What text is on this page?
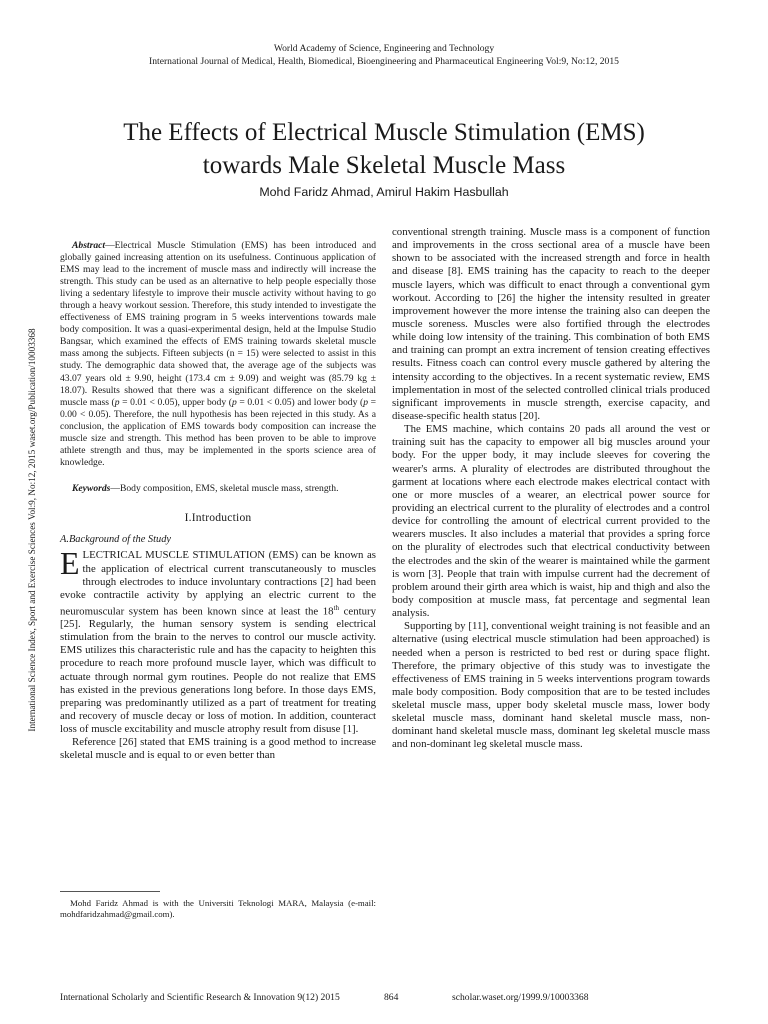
World Academy of Science, Engineering and Technology
International Journal of Medical, Health, Biomedical, Bioengineering and Pharmaceutical Engineering Vol:9, No:12, 2015
The Effects of Electrical Muscle Stimulation (EMS)
towards Male Skeletal Muscle Mass
Mohd Faridz Ahmad, Amirul Hakim Hasbullah
International Science Index, Sport and Exercise Sciences Vol:9, No:12, 2015 waset.org/Publication/10003368

Abstract—Electrical Muscle Stimulation (EMS) has been introduced and globally gained increasing attention on its usefulness. Continuous application of EMS may lead to the increment of muscle mass and indirectly will increase the strength. This study can be used as an alternative to help people especially those living a sedentary lifestyle to improve their muscle activity without having to go through a heavy workout session. Therefore, this study intended to investigate the effectiveness of EMS training program in 5 weeks interventions towards male body composition. It was a quasi-experimental design, held at the Impulse Studio Bangsar, which examined the effects of EMS training towards skeletal muscle mass among the subjects. Fifteen subjects (n = 15) were selected to assist in this study. The demographic data showed that, the average age of the subjects was 43.07 years old ± 9.90, height (173.4 cm ± 9.09) and weight was (85.79 kg ± 18.07). Results showed that there was a significant difference on the skeletal muscle mass (p = 0.01 < 0.05), upper body (p = 0.01 < 0.05) and lower body (p = 0.00 < 0.05). Therefore, the null hypothesis has been rejected in this study. As a conclusion, the application of EMS towards body composition can increase the muscle size and strength. This method has been proven to be able to improve athlete strength and thus, may be implemented in the sports science area of knowledge.

Keywords—Body composition, EMS, skeletal muscle mass, strength.

I.Introduction
A.Background of the Study

ELECTRICAL MUSCLE STIMULATION (EMS) can be known as the application of electrical current transcutaneously to muscles through electrodes to induce involuntary contractions [2] had been evoke contractile activity by applying an electric current to the neuromuscular system has been known since at least the 18th century [25]. Regularly, the human sensory system is sending electrical stimulation from the brain to the nerves to control our muscle activity. EMS utilizes this characteristic rule and has the capacity to heighten this procedure to reach more profound muscle layer, which was difficult to actuate through normal gym routines. People do not realize that EMS has existed in the previous generations long before. In those days EMS, preparing was predominantly utilized as a part of treatment for treating and recovery of muscle decay or loss of motion. In addition, counteract loss of muscle excitability and muscle atrophy result from disuse [1].

Reference [26] stated that EMS training is a good method to increase skeletal muscle and is equal to or even better than

Mohd Faridz Ahmad is with the Universiti Teknologi MARA, Malaysia (e-mail: mohdfaridzahmad@gmail.com).

conventional strength training. Muscle mass is a component of function and improvements in the cross sectional area of a muscle have been shown to be associated with the increased strength and force in health and disease [8]. EMS training has the capacity to reach to the deeper muscle layers, which was difficult to enact through a conventional gym workout. According to [26] the higher the intensity resulted in greater improvement however the more intense the training also can deepen the muscle soreness. Muscles were also fortified through the electrodes while doing low intensity of the training. This combination of both EMS and training can prompt an extra increment of tension creating effectives results. Fitness coach can control every muscle gathered by altering the intensity according to the objectives. In a recent systematic review, EMS implementation in most of the selected controlled clinical trials produced significant improvements in muscle strength, exercise capacity, and disease-specific health status [20].

The EMS machine, which contains 20 pads all around the vest or training suit has the capacity to empower all big muscles around your body. For the upper body, it may include sleeves for covering the wearer's arms. A plurality of electrodes are distributed throughout the garment at locations where each electrode makes electrical contact with one or more muscles of a wearer, an electrical power source for providing an electrical current to the plurality of electrodes and a control device for controlling the amount of electrical current provided to the wearers muscles. It also includes a material that provides a spring force on the plurality of electrodes such that electrical conductivity between the electrodes and the skin of the wearer is maintained while the garment is worn [3]. People that train with impulse current had the decrement of problem around their girth area which is waist, hip and thigh and also the body composition at muscle mass, fat percentage and segmental lean analysis.

Supporting by [11], conventional weight training is not feasible and an alternative (using electrical muscle stimulation had been approached) is needed when a person is restricted to bed rest or during space flight. Therefore, the primary objective of this study was to investigate the effectiveness of EMS training in 5 weeks interventions program towards male body composition. Body composition that are to be tested includes skeletal muscle mass, upper body skeletal muscle mass, lower body skeletal muscle mass, dominant hand skeletal muscle mass, non-dominant hand skeletal muscle mass, dominant leg skeletal muscle mass and non-dominant leg skeletal muscle mass.

International Scholarly and Scientific Research & Innovation 9(12) 2015	864	scholar.waset.org/1999.9/10003368
